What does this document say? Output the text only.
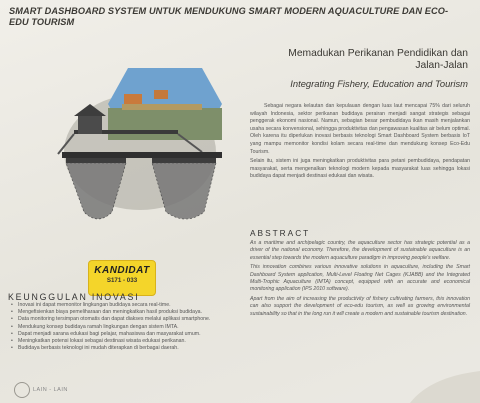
SMART DASHBOARD SYSTEM UNTUK MENDUKUNG SMART MODERN AQUACULTURE DAN ECO-EDU TOURISM
Memadukan Perikanan Pendidikan dan Jalan-Jalan
Integrating Fishery, Education and Tourism
KANDIDAT
S171 - 033

Sebagai negara kelautan dan kepulauan dengan luas laut mencapai 75% dari seluruh wilayah Indonesia, sektor perikanan budidaya perairan menjadi sangat strategis sebagai penggerak ekonomi nasional. Namun, sebagian besar pembudidaya ikan masih menjalankan usaha secara konvensional, sehingga produktivitas dan pengawasan kualitas air belum optimal. Oleh karena itu diperlukan inovasi berbasis teknologi Smart Dashboard System berbasis IoT yang mampu memonitor kondisi kolam secara real-time dan mendukung konsep Eco-Edu Tourism.

Selain itu, sistem ini juga meningkatkan produktivitas para petani pembudidaya, pendapatan masyarakat, serta mengenalkan teknologi modern kepada masyarakat luas sehingga lokasi budidaya dapat menjadi destinasi edukasi dan wisata.

ABSTRACT

As a maritime and archipelagic country, the aquaculture sector has strategic potential as a driver of the national economy. Therefore, the development of sustainable aquaculture is an essential step towards the modern aquaculture paradigm in improving people's welfare.

This innovation combines various innovative solutions in aquaculture, including the Smart Dashboard System application, Multi-Level Floating Net Cages (KJABB) and the Integrated Multi-Trophic Aquaculture (IMTA) concept, equipped with an accurate and economical monitoring application (IPS 2010 software).

Apart from the aim of increasing the productivity of fishery cultivating farmers, this innovation can also support the development of eco-edu tourism, as well as growing environmental sustainability so that in the long run it will create a modern and sustainable tourism destination.

KEUNGGULAN INOVASI
• Inovasi ini dapat memonitor lingkungan budidaya secara real-time.
• Mengefisienkan biaya pemeliharaan dan meningkatkan hasil produksi budidaya.
• Data monitoring tersimpan otomatis dan dapat diakses melalui aplikasi smartphone.
• Mendukung konsep budidaya ramah lingkungan dengan sistem IMTA.
• Dapat menjadi sarana edukasi bagi pelajar, mahasiswa dan masyarakat umum.
• Meningkatkan potensi lokasi sebagai destinasi wisata edukasi perikanan.
• Budidaya berbasis teknologi ini mudah diterapkan di berbagai daerah.
LAIN - LAIN
